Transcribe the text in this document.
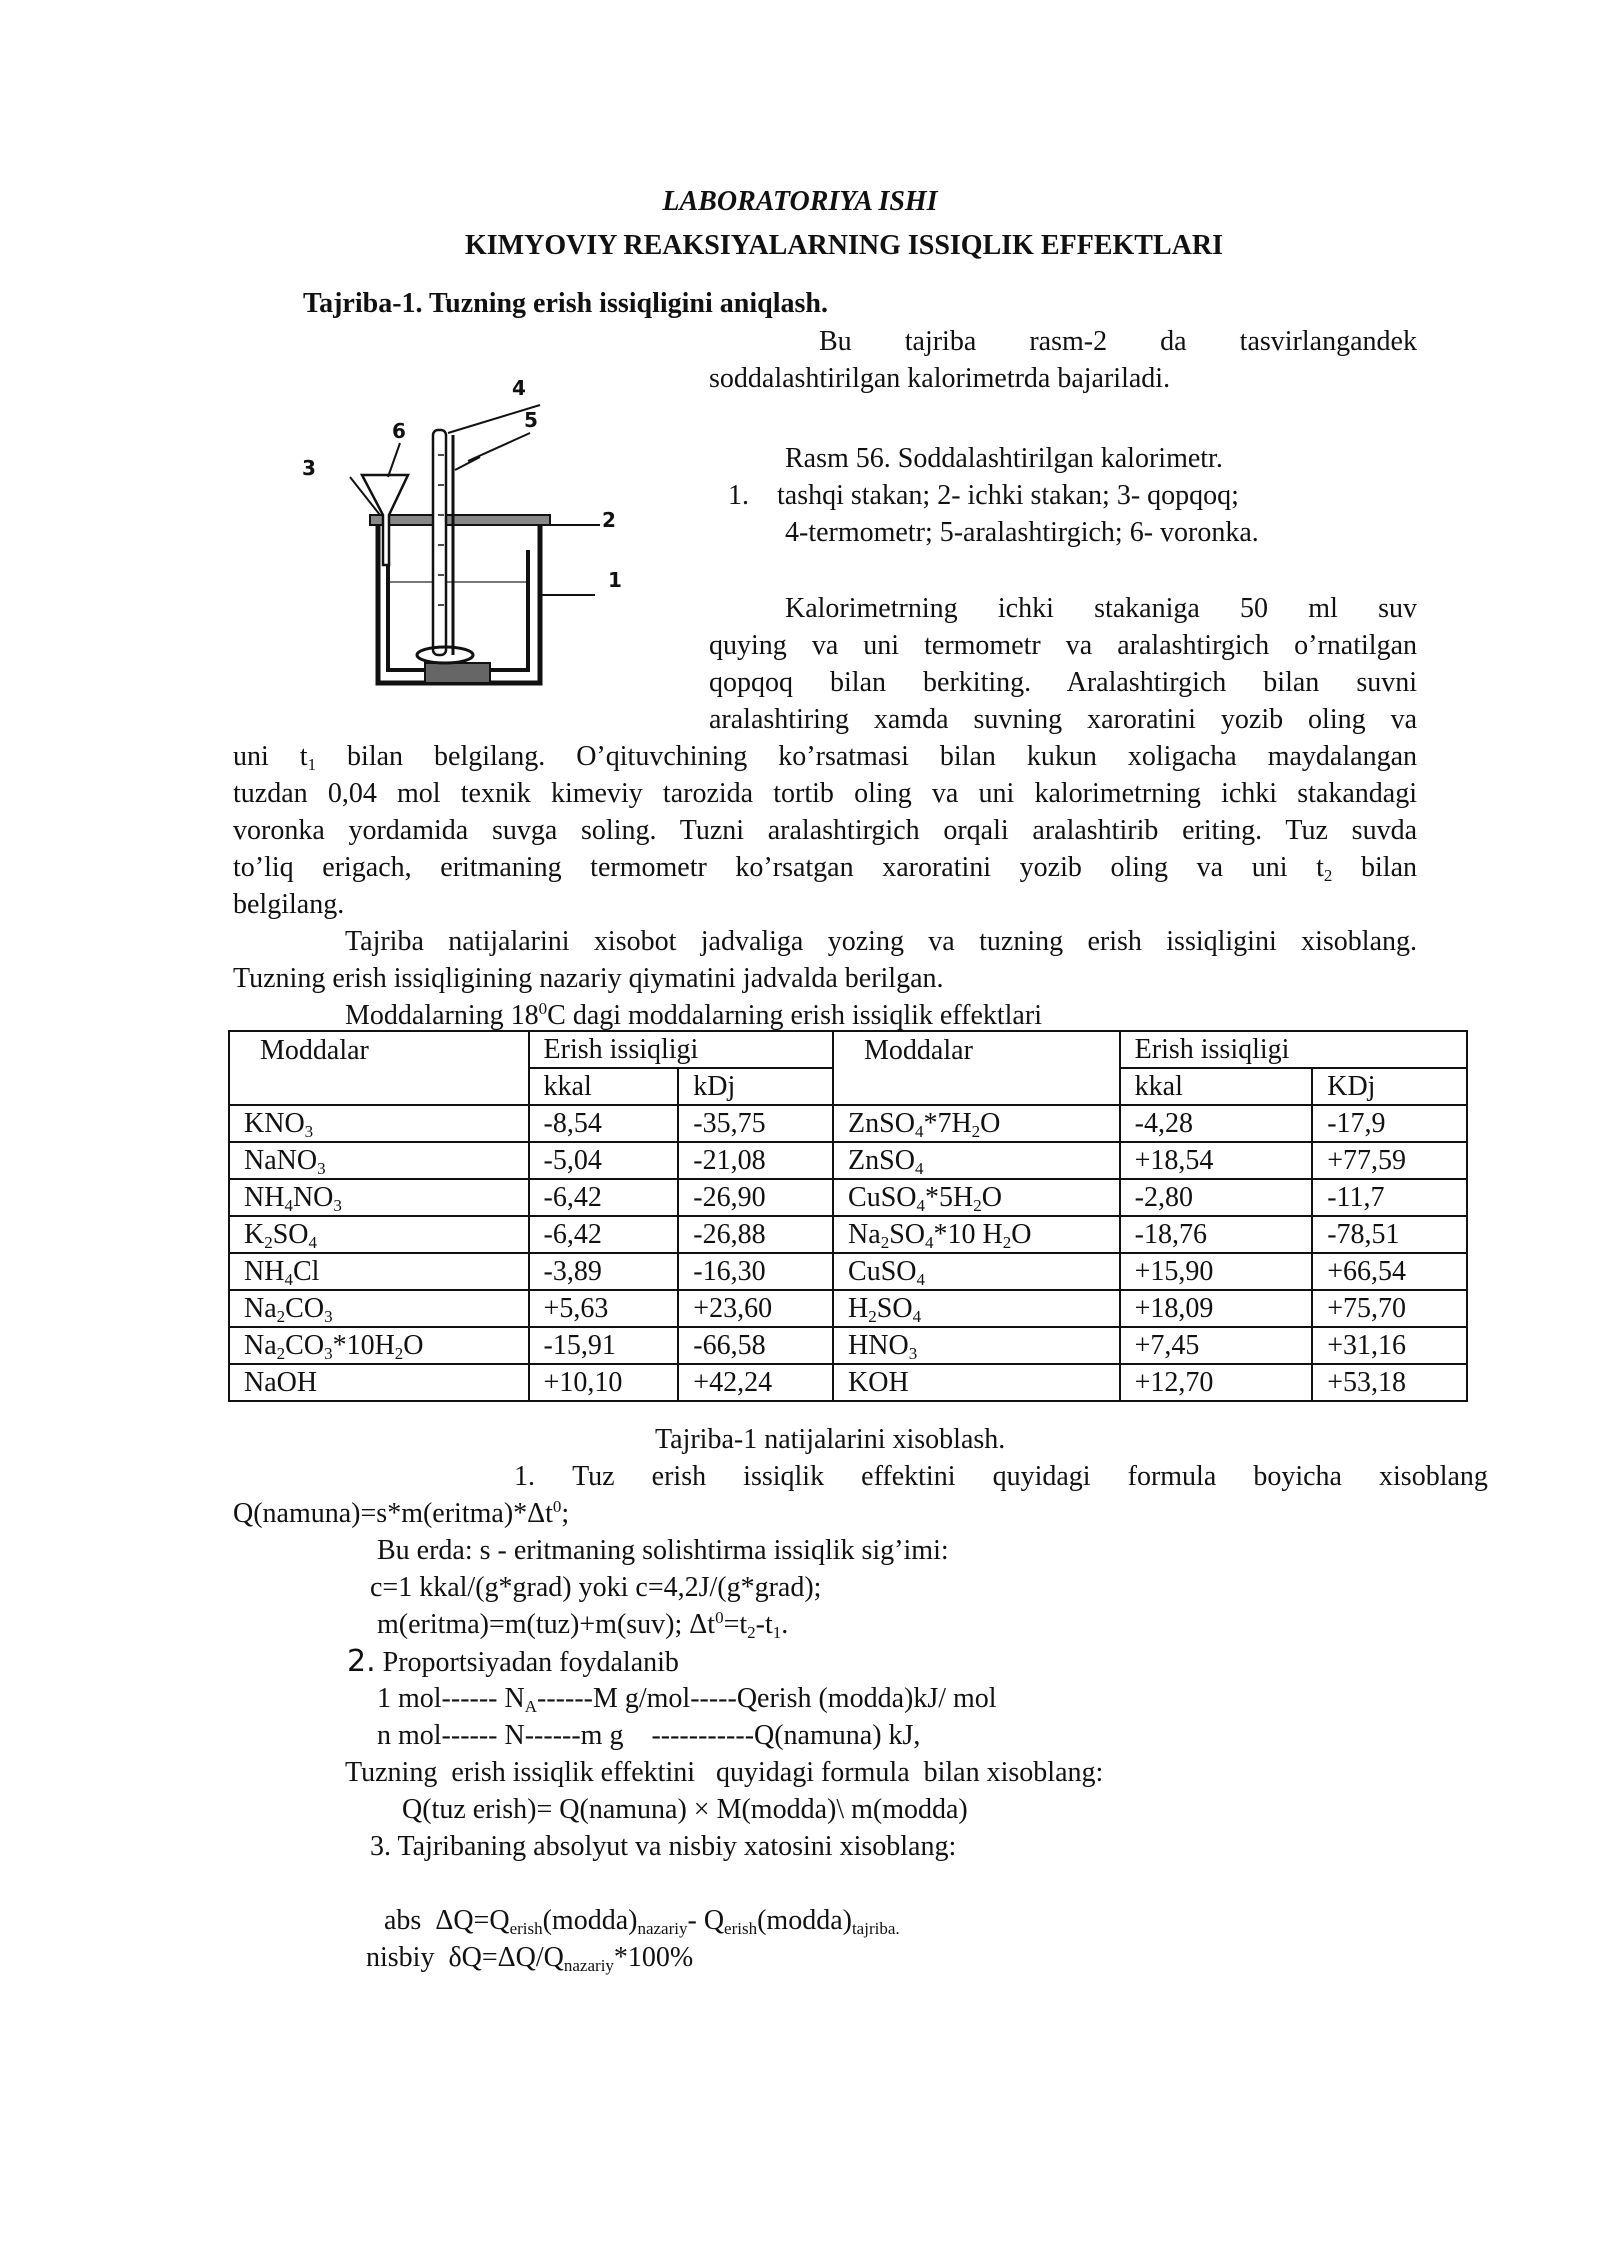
LABORATORIYA ISHI
KIMYOVIY REAKSIYALARNING ISSIQLIK EFFEKTLARI
Tajriba-1. Tuzning erish issiqligini aniqlash.
Bu tajriba rasm-2 da tasvirlangandek
soddalashtirilgan kalorimetrda bajariladi.
Rasm 56. Soddalashtirilgan kalorimetr.
1. tashqi stakan; 2- ichki stakan; 3- qopqoq;
4-termometr; 5-aralashtirgich; 6- voronka.
3
6
4
5
2
1
Kalorimetrning ichki stakaniga 50 ml suv
quying va uni termometr va aralashtirgich o’rnatilgan
qopqoq bilan berkiting. Aralashtirgich bilan suvni
aralashtiring xamda suvning xaroratini yozib oling va
uni $t_1$ bilan belgilang. O’qituvchining ko’rsatmasi bilan kukun xoligacha maydalangan
tuzdan 0,04 mol texnik kimeviy tarozida tortib oling va uni kalorimetrning ichki stakandagi
voronka yordamida suvga soling. Tuzni aralashtirgich orqali aralashtirib eriting. Tuz suvda
to’liq erigach, eritmaning termometr ko’rsatgan xaroratini yozib oling va uni $t_2$ bilan
belgilang.
Tajriba natijalarini xisobot jadvaliga yozing va tuzning erish issiqligini xisoblang.
Tuzning erish issiqligining nazariy qiymatini jadvalda berilgan.
Moddalarning $18^0C$ dagi moddalarning erish issiqlik effektlari
Moddalar	Erish issiqligi		Moddalar	Erish issiqligi	
	kkal	kDj		kkal	KDj
$KNO_3$	-8,54	-35,75	$ZnSO_4*7H_2O$	-4,28	-17,9
NaNO$_3$	-5,04	-21,08	ZnSO$_4$	+18,54	+77,59
$NH_4NO_3$	-6,42	-26,90	$CuSO_4*5H_2O$	-2,80	-11,7
$K_2SO_4$	-6,42	-26,88	$Na_2SO_4*10$ $H_2O$	-18,76	-78,51
$NH_4Cl$	-3,89	-16,30	CuSO$_4$	+15,90	+66,54
$Na_2CO_3$	+5,63	+23,60	$H_2SO_4$	+18,09	+75,70
$Na_2CO_3*10H_2O$	-15,91	-66,58	$HNO_3$	+7,45	+31,16
NaOH	+10,10	+42,24	KOH	+12,70	+53,18
Tajriba-1 natijalarini xisoblash.
1. Tuz erish issiqlik effektini quyidagi formula boyicha xisoblang
$Q(namuna)=s*m(eritma)*\Delta t^0$;
Bu erda: s - eritmaning solishtirma issiqlik sig’imi:
c=1 kkal/(g*grad) yoki c=4,2J/(g*grad);
m(eritma)=m(tuz)+m(suv); $\Delta t^0=t_2-t_1$.
2. Proportsiyadan foydalanib
1 mol------ $N_A------M$ g/mol-----Qerish (modda)kJ/ mol
n mol------ N------m g    -----------Q(namuna) kJ,
Tuzning  erish issiqlik effektini   quyidagi formula  bilan xisoblang:
Q(tuz erish)= Q(namuna) × M(modda)\ m(modda)
3. Tajribaning absolyut va nisbiy xatosini xisoblang:

abs  $\Delta Q=Q_{erish}(modda)_{nazariy}-$ $Q_{erish}(modda)_{tajriba.}$

nisbiy  $\delta Q=\Delta Q/Q_{nazariy}*100\%$
